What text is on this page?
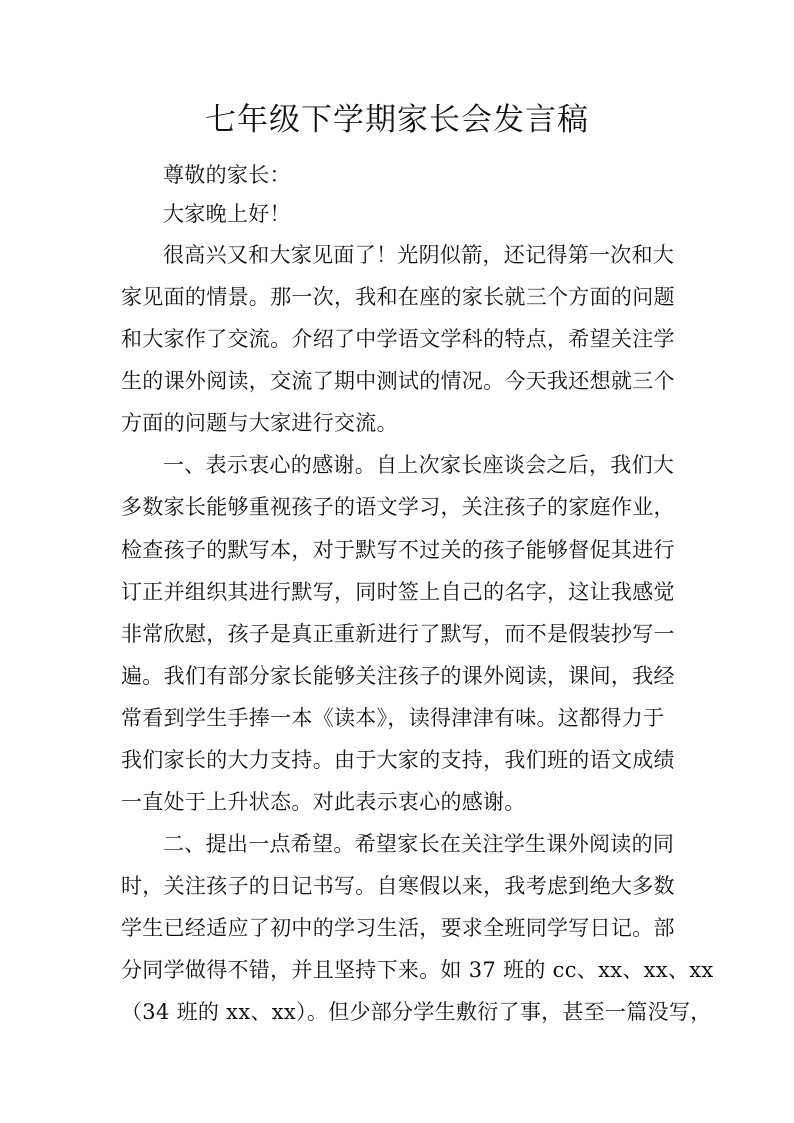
七年级下学期家长会发言稿
尊敬的家长：
大家晚上好！
很高兴又和大家见面了！光阴似箭，还记得第一次和大
家见面的情景。那一次，我和在座的家长就三个方面的问题
和大家作了交流。介绍了中学语文学科的特点，希望关注学
生的课外阅读，交流了期中测试的情况。今天我还想就三个
方面的问题与大家进行交流。
一、表示衷心的感谢。自上次家长座谈会之后，我们大
多数家长能够重视孩子的语文学习，关注孩子的家庭作业，
检查孩子的默写本，对于默写不过关的孩子能够督促其进行
订正并组织其进行默写，同时签上自己的名字，这让我感觉
非常欣慰，孩子是真正重新进行了默写，而不是假装抄写一
遍。我们有部分家长能够关注孩子的课外阅读，课间，我经
常看到学生手捧一本《读本》，读得津津有味。这都得力于
我们家长的大力支持。由于大家的支持，我们班的语文成绩
一直处于上升状态。对此表示衷心的感谢。
二、提出一点希望。希望家长在关注学生课外阅读的同
时，关注孩子的日记书写。自寒假以来，我考虑到绝大多数
学生已经适应了初中的学习生活，要求全班同学写日记。部
分同学做得不错，并且坚持下来。如 37 班的 cc、xx、xx、xx
（34 班的 xx、xx）。但少部分学生敷衍了事，甚至一篇没写，
